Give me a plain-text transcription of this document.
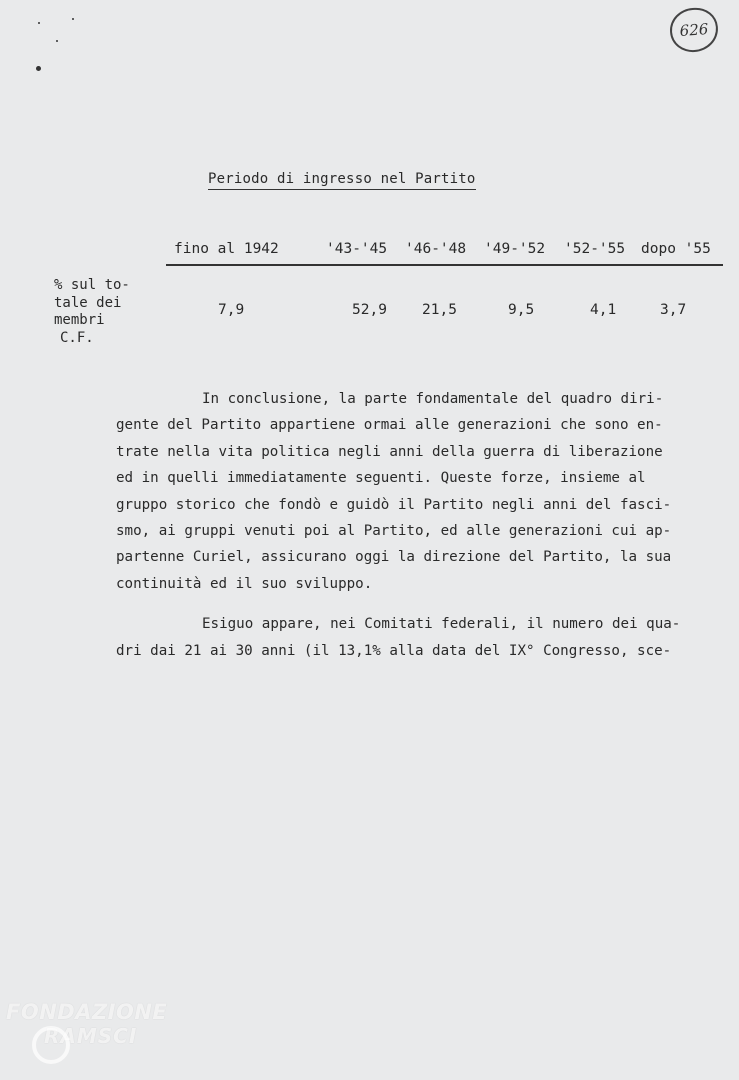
626
Periodo di ingresso nel Partito
fino al 1942	'43-'45 '46-'48 '49-'52 '52-'55 dopo '55
% sul to-
tale dei
membri
C.F.
7,9	52,9 21,5	9,5	4,1	3,7
In conclusione, la parte fondamentale del quadro diri-
gente del Partito appartiene ormai alle generazioni che sono en-
trate nella vita politica negli anni della guerra di liberazione
ed in quelli immediatamente seguenti. Queste forze, insieme al
gruppo storico che fondò e guidò il Partito negli anni del fasci-
smo, ai gruppi venuti poi al Partito, ed alle generazioni cui ap-
partenne Curiel, assicurano oggi la direzione del Partito, la sua
continuità ed il suo sviluppo.
Esiguo appare, nei Comitati federali, il numero dei qua-
dri dai 21 ai 30 anni (il 13,1% alla data del IX° Congresso, sce-
FONDAZIONE
RAMSCI
